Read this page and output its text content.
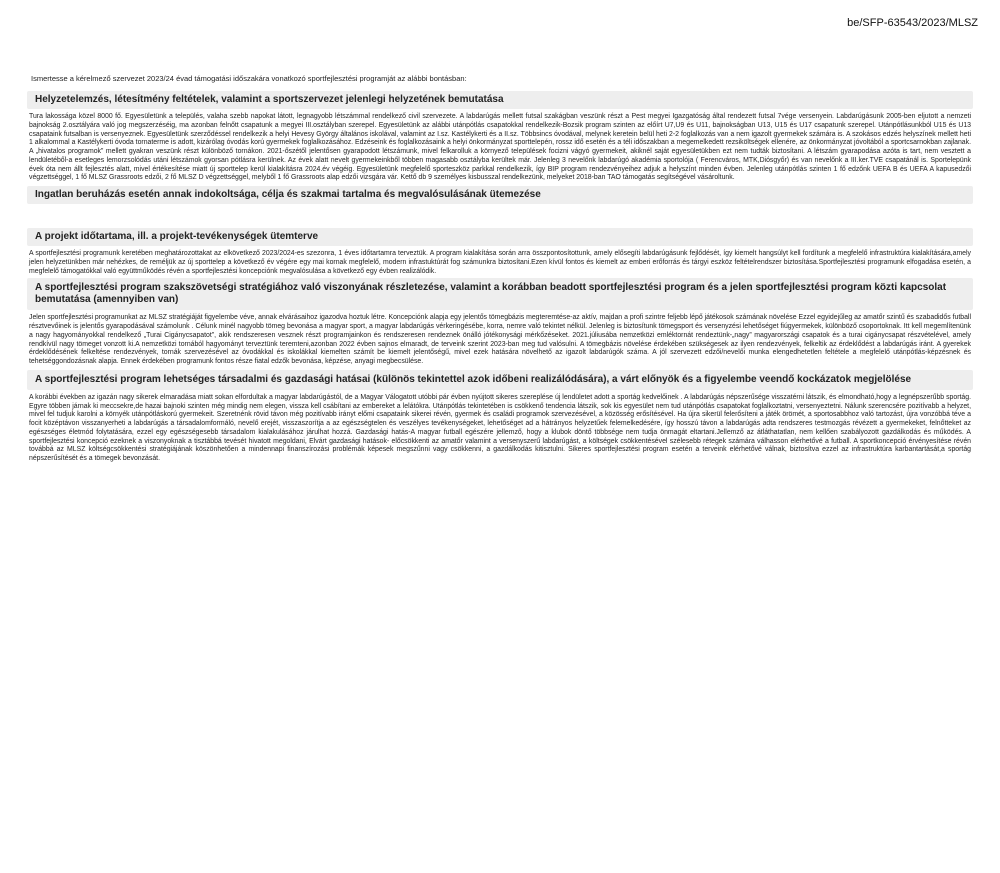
be/SFP-63543/2023/MLSZ
Ismertesse a kérelmező szervezet 2023/24 évad támogatási időszakára vonatkozó sportfejlesztési programját az alábbi bontásban:
Helyzetelemzés, létesítmény feltételek, valamint a sportszervezet jelenlegi helyzetének bemutatása
Tura lakossága közel 8000 fő. Egyesületünk a település, valaha szebb napokat látott, legnagyobb létszámmal rendelkező civil szervezete. A labdarúgás mellett futsal szakágban veszünk részt a Pest megyei Igazgatóság által rendezett futsal 7vége versenyein. Labdarúgásunk 2005-ben eljutott a nemzeti bajnokság 2.osztályára való jog megszerzéséig, ma azonban felnőtt csapatunk a megyei III.osztályban szerepel. Egyesületünk az alábbi utánpótlás csapatokkal rendelkezik-Bozsik program szinten az előírt U7,U9 és U11, bajnokságban U13, U15 és U17 csapatunk szerepel. Utánpótlásunkból U15 és U13 csapataink futsalban is versenyeznek. Egyesületünk szerződéssel rendelkezik a helyi Hevesy György általános iskolával, valamint az I.sz. Kastélykerti és a II.sz. Többsincs óvodával, melynek keretein belül heti 2-2 foglalkozás van a nem igazolt gyermekek számára is. A szokásos edzés helyszínek mellett heti 1 alkalommal a Kastélykerti óvoda tornaterme is adott, kizárólag óvodás korú gyermekek foglalkozásához. Edzéseink és foglalkozásaink a helyi önkormányzat sporttelepén, rossz idő esetén és a téli időszakban a megemelkedett rezsiköltségek ellenére, az önkormányzat jóvoltából a sportcsarnokban zajlanak. A „hivatalos programok” mellett gyakran veszünk részt különböző tornákon. 2021-őszétől jelentősen gyarapodott létszámunk, mivel felkarolluk a környező települések focizni vágyó gyermekeit, akiknél saját egyesületükben ezt nem tudták biztosítani. A létszám gyarapodása azóta is tart, nem vesztett a lendületéből-a esetleges lemorzsolódás utáni létszámok gyorsan pótlásra kerülnek. Az évek alatt nevelt gyermekeinkből többen magasabb osztályba kerültek már. Jelenleg 3 nevelőnk labdarúgó akadémia sportolója ( Ferencváros, MTK,Diósgyőr) és van nevelőnk a III.ker.TVE csapatánál is. Sportelepünk évek óta nem állt fejlesztés alatt, mivel értékesítése miatt új sporttelep kerül kialakításra 2024.év végéig. Egyesületünk megfelelő sporteszköz parkkal rendelkezik, így BIP program rendezvényeihez adjuk a helyszínt minden évben. Jelenleg utánpótlás szinten 1 fő edzőnk UEFA B és UEFA A kapusedzői végzettséggel, 1 fő MLSZ Grassroots edzői, 2 fő MLSZ D végzettséggel, melyből 1 fő Grassroots alap edzői vizsgára vár. Kettő db 9 személyes kisbusszal rendelkezünk, melyeket 2018-ban TAO támogatás segítségével vásároltunk.
Ingatlan beruházás esetén annak indokoltsága, célja és szakmai tartalma és megvalósulásának ütemezése
A projekt időtartama, ill. a projekt-tevékenységek ütemterve
A sportfejlesztési programunk keretében meghatározottakat az elkövetkező 2023/2024-es szezonra, 1 éves időtartamra terveztük. A program kialakítása során arra összpontosítottunk, amely elősegíti labdarúgásunk fejlődését, így kiemelt hangsúlyt kell fordítunk a megfelelő infrastruktúra kialakítására,amely jelen helyzetünkben már nehézkes, de reméljük az új sporttelep a következő év végére egy mai kornak megfelelő, modern infrastuktúrát fog számunkra biztosítani.Ezen kívül fontos és kiemelt az emberi erőforrás és tárgyi eszköz feltételrendszer biztosítása.Sportfejlesztési programunk elfogadása esetén, a megfelelő támogatókkal való együttműködés révén a sportfejlesztési koncepciónk megvalósulása a következő egy évben realizálódik.
A sportfejlesztési program szakszövetségi stratégiához való viszonyának részletezése, valamint a korábban beadott sportfejlesztési program és a jelen sportfejlesztési program közti kapcsolat bemutatása (amennyiben van)
Jelen sportfejlesztési programunkat az MLSZ stratégiáját figyelembe véve, annak elvárásaihoz igazodva hoztuk létre. Koncepciónk alapja egy jelentős tömegbázis megteremtése-az aktív, majdan a profi szintre feljebb lépő játékosok számának növelése Ezzel egyidejűleg az amatőr szintű és szabadidős futball résztvevőinek is jelentős gyarapodásával számolunk . Célunk minél nagyobb tömeg bevonása a magyar sport, a magyar labdarúgás vérkeringésébe, korra, nemre való tekintet nélkül. Jelenleg is biztosítunk tömegsport és versenyzési lehetőséget fiúgyermekek, különböző csoportoknak. Itt kell megemlítenünk a nagy hagyományokkal rendelkező „Turai Cigánycsapatot”, akik rendszeresen vesznek részt programjainkon és rendszeresen rendeznek önálló jótékonysági mérkőzéseket. 2021.júliusába nemzetközi emléktornát rendeztünk-„nagy” magyarországi csapatok és a turai cigánycsapat részvételével, amely rendkívül nagy tömeget vonzott ki.A nemzetközi tornából hagyományt terveztünk teremteni,azonban 2022 évben sajnos elmaradt, de terveink szerint 2023-ban meg tud valósulni. A tömegbázis növelése érdekében szükségesek az ilyen rendezvények, felkeltik az érdeklődést a labdarúgás iránt. A gyerekek érdeklődésének felkeltése rendezvények, tornák szervezésével az óvodákkal és iskolákkal kiemelten számít be kiemelt jelentőségű, mivel ezek hatására növelhető az igazolt labdarúgók száma. A jól szervezett edzői/nevelői munka elengedhetetlen feltétele a megfelelő utánpótlás-képzésnek és tehetséggondozásnak alapja. Ennek érdekében programunk fontos része fiatal edzők bevonása, képzése, anyagi megbecsülése.
A sportfejlesztési program lehetséges társadalmi és gazdasági hatásai (különös tekintettel azok időbeni realizálódására), a várt előnyök és a figyelembe veendő kockázatok megjelölése
A korábbi években az igazán nagy sikerek elmaradása miatt sokan elfordultak a magyar labdarúgástól, de a Magyar Válogatott utóbbi pár évben nyújtott sikeres szereplése új lendületet adott a sportág kedvelőinek . A labdarúgás népszerűsége visszatérni látszik, és elmondható,hogy a legnépszerűbb sportág. Egyre többen járnak ki meccsekre,de hazai bajnoki szinten még mindig nem elegen, vissza kell csábítani az embereket a lelátókra. Utánpótlás tekintetében is csökkenő tendencia látszik, sok kis egyesület nem tud utánpótlás csapatokat foglalkoztatni, versenyeztetni. Nálunk szerencsére pozitívabb a helyzet, mivel fel tudjuk karolni a környék utánpótláskorú gyermekeit. Szeretnénk rövid távon még pozitívabb irányt előmi csapataink sikerei révén, gyermek és családi programok szervezésével, a közösség erősítésével. Ha újra sikerül felerősíteni a játék örömét, a sportosabbhoz való tartozást, újra vonzóbbá téve a focit középtávon visszanyerheti a labdarúgás a társadalomformáló, nevelő erejét, visszaszorítja a az egészségtelen és veszélyes tevékenységeket, lehetőséget ad a hátrányos helyzetűek felemelkedésére, így hosszú távon a labdarúgás adta rendszeres testmozgás révézett a gyermekeket, felnőtteket az egészséges életmód folytatására, ezzel egy egészségesebb társadalom kialakulásához járulhat hozzá. Gazdasági hatás-A magyar futball egészére jellemző, hogy a klubok döntő többsége nem tudja önmagát eltartani.Jellemző az átláthatatlan, nem kellően szabályozott gazdálkodás és működés. A sportfejlesztési koncepció ezeknek a viszonyoknak a tisztábbá tevését hivatott megoldani, Elvárt gazdasági hatások- előcsökkenti az amatőr valamint a versenyszerű labdarúgást, a költségek csökkentésével szélesebb rétegek számára válhasson elérhetővé a futball. A sportkoncepció érvényesítése révén továbbá az MLSZ költségcsökkentési stratégiájának köszönhetően a mindennapi finanszírozási problémák képesek megszűnni vagy csökkenni, a gazdálkodás kitisztulni. Sikeres sportfejlesztési program esetén a terveink elérhetővé válnak, biztosítva ezzel az infrastruktúra karbantartását,a sportág népszerűsítését és a tömegek bevonzását.
